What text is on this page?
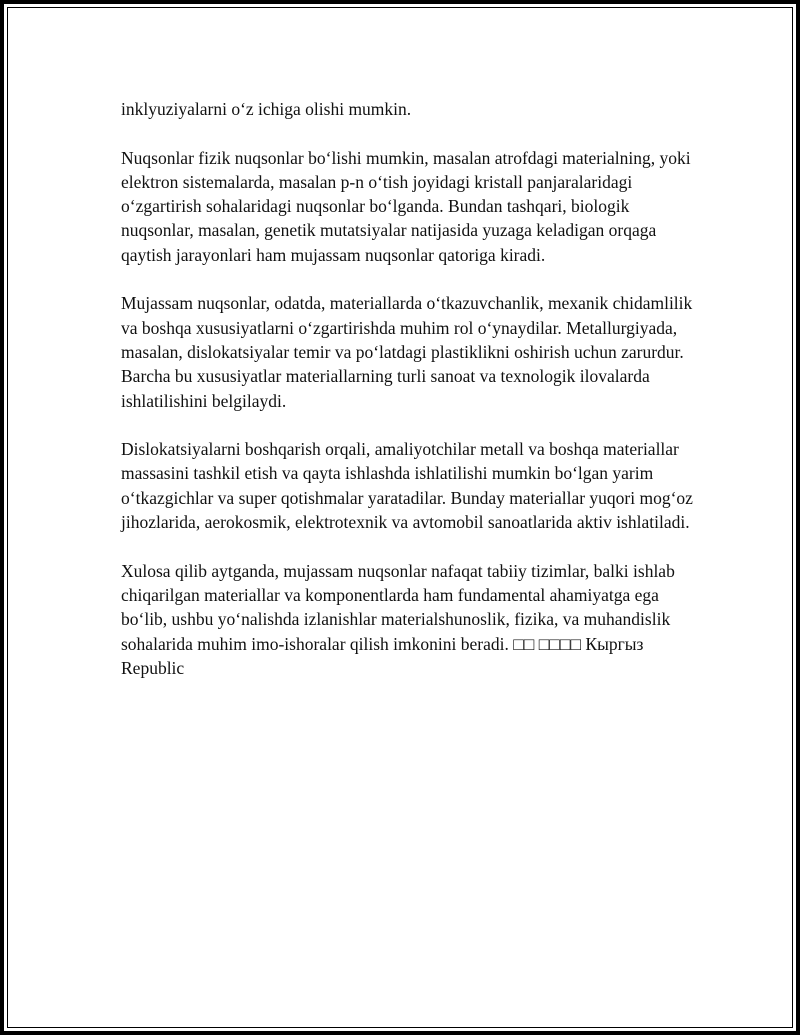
inklyuziyalarni oʻz ichiga olishi mumkin.

Nuqsonlar fizik nuqsonlar boʻlishi mumkin, masalan atrofdagi materialning, yoki elektron sistemalarda, masalan p-n oʻtish joyidagi kristall panjaralaridagi oʻzgartirish sohalaridagi nuqsonlar boʻlganda. Bundan tashqari, biologik nuqsonlar, masalan, genetik mutatsiyalar natijasida yuzaga keladigan orqaga qaytish jarayonlari ham mujassam nuqsonlar qatoriga kiradi.

Mujassam nuqsonlar, odatda, materiallarda oʻtkazuvchanlik, mexanik chidamlilik va boshqa xususiyatlarni oʻzgartirishda muhim rol oʻynaydilar. Metallurgiyada, masalan, dislokatsiyalar temir va poʻlatdagi plastiklikni oshirish uchun zarurdur. Barcha bu xususiyatlar materiallarning turli sanoat va texnologik ilovalarda ishlatilishini belgilaydi.

Dislokatsiyalarni boshqarish orqali, amaliyotchilar metall va boshqa materiallar massasini tashkil etish va qayta ishlashda ishlatilishi mumkin boʻlgan yarim oʻtkazgichlar va super qotishmalar yaratadilar. Bunday materiallar yuqori mogʻoz jihozlarida, aerokosmik, elektrotexnik va avtomobil sanoatlarida aktiv ishlatiladi.

Xulosa qilib aytganda, mujassam nuqsonlar nafaqat tabiiy tizimlar, balki ishlab chiqarilgan materiallar va komponentlarda ham fundamental ahamiyatga ega boʻlib, ushbu yoʻnalishda izlanishlar materialshunoslik, fizika, va muhandislik sohalarida muhim imo-ishoralar qilish imkonini beradi. □□ □□□□ Кыргыз Republic
